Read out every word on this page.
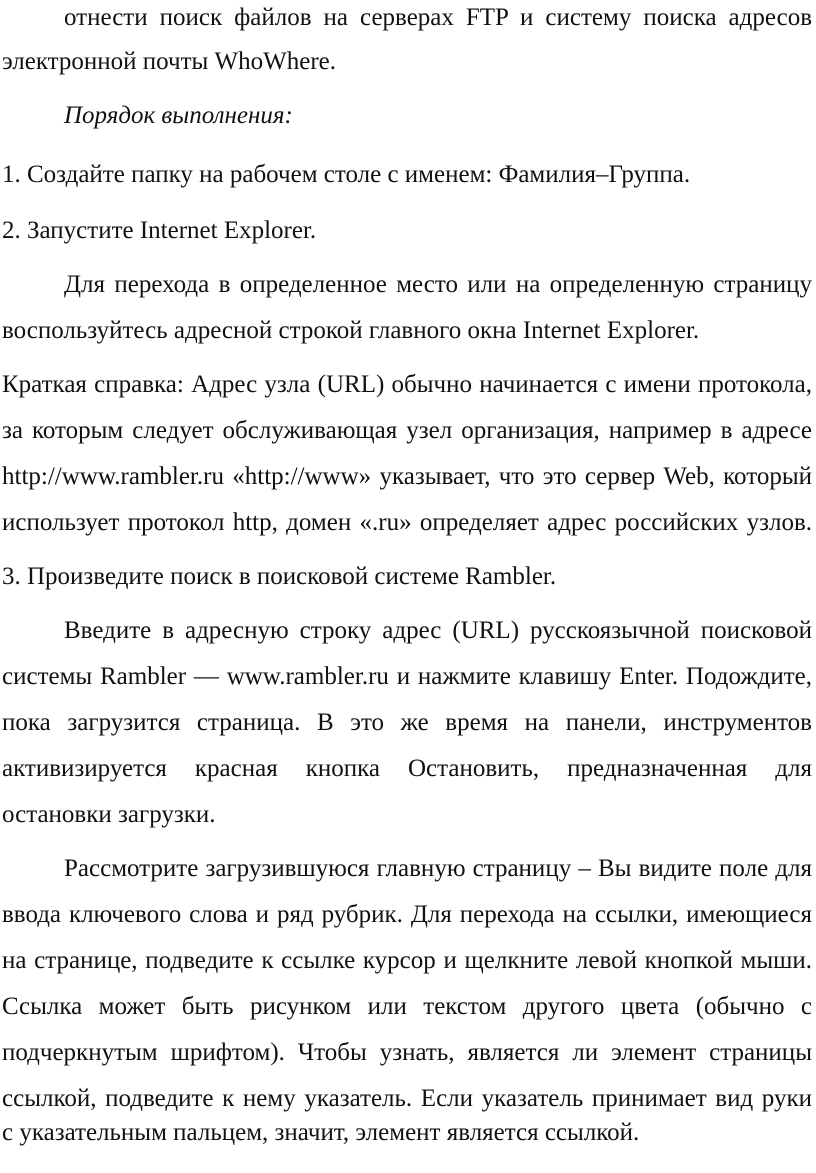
отнести поиск файлов на серверах FTP и систему поиска адресов
электронной почты WhoWhere.
Порядок выполнения:
1. Создайте папку на рабочем столе с именем: Фамилия–Группа.
2. Запустите Internet Explorer.
Для перехода в определенное место или на определенную страницу
воспользуйтесь адресной строкой главного окна Internet Explorer.
Краткая справка: Адрес узла (URL) обычно начинается с имени протокола,
за которым следует обслуживающая узел организация, например в адресе
http://www.rambler.ru «http://www» указывает, что это сервер Web, который
использует протокол http, домен «.ru» определяет адрес российских узлов.
3. Произведите поиск в поисковой системе Rambler.
Введите в адресную строку адрес (URL) русскоязычной поисковой
системы Rambler — www.rambler.ru и нажмите клавишу Enter. Подождите,
пока загрузится страница. В это же время на панели, инструментов
активизируется красная кнопка Остановить, предназначенная для
остановки загрузки.
Рассмотрите загрузившуюся главную страницу – Вы видите поле для
ввода ключевого слова и ряд рубрик. Для перехода на ссылки, имеющиеся
на странице, подведите к ссылке курсор и щелкните левой кнопкой мыши.
Ссылка может быть рисунком или текстом другого цвета (обычно с
подчеркнутым шрифтом). Чтобы узнать, является ли элемент страницы
ссылкой, подведите к нему указатель. Если указатель принимает вид руки
с указательным пальцем, значит, элемент является ссылкой.
